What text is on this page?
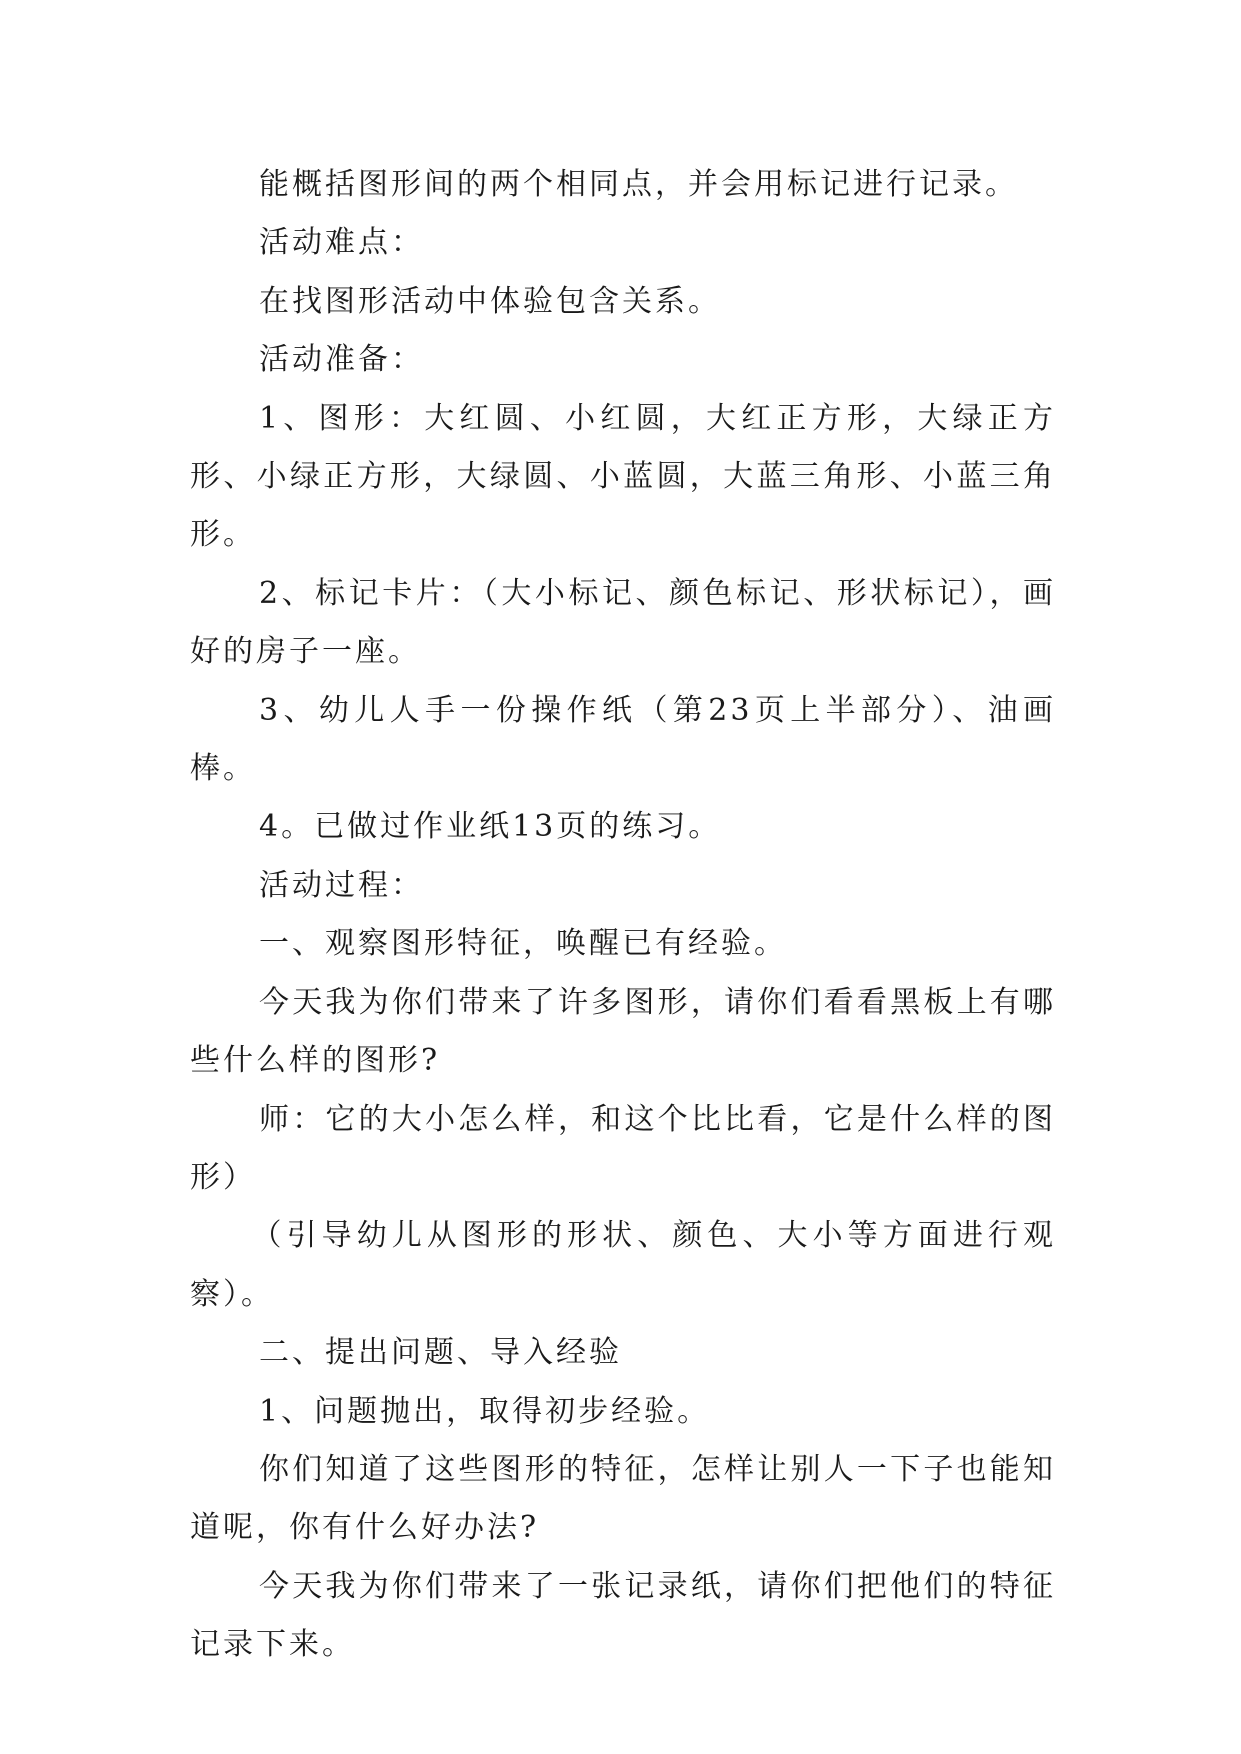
能概括图形间的两个相同点，并会用标记进行记录。

活动难点：

在找图形活动中体验包含关系。

活动准备：

1、图形：大红圆、小红圆，大红正方形，大绿正方形、小绿正方形，大绿圆、小蓝圆，大蓝三角形、小蓝三角形。

2、标记卡片：（大小标记、颜色标记、形状标记），画好的房子一座。

3、幼儿人手一份操作纸（第23页上半部分）、油画棒。

4。已做过作业纸13页的练习。

活动过程：

一、观察图形特征，唤醒已有经验。

今天我为你们带来了许多图形，请你们看看黑板上有哪些什么样的图形?

师：它的大小怎么样，和这个比比看，它是什么样的图形）

（引导幼儿从图形的形状、颜色、大小等方面进行观察）。

二、提出问题、导入经验

1、问题抛出，取得初步经验。

你们知道了这些图形的特征，怎样让别人一下子也能知道呢，你有什么好办法?

今天我为你们带来了一张记录纸，请你们把他们的特征记录下来。
